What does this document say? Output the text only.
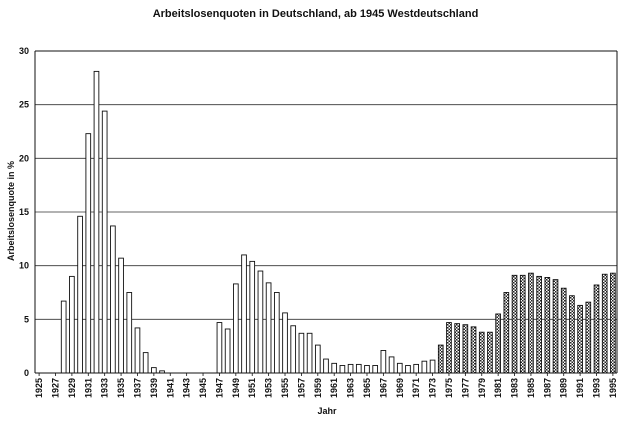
Arbeitslosenquoten in Deutschland, ab 1945 Westdeutschland
0
5
10
15
20
25
30
1925 1927 1929 1931 1933 1935 1937 1939 1941 1943 1945 1947 1949 1951 1953 1955 1957 1959 1961 1963 1965 1967 1969 1971 1973 1975 1977 1979 1981 1983 1985 1987 1989 1991 1993 1995
Arbeitslosenquote in %
Jahr
